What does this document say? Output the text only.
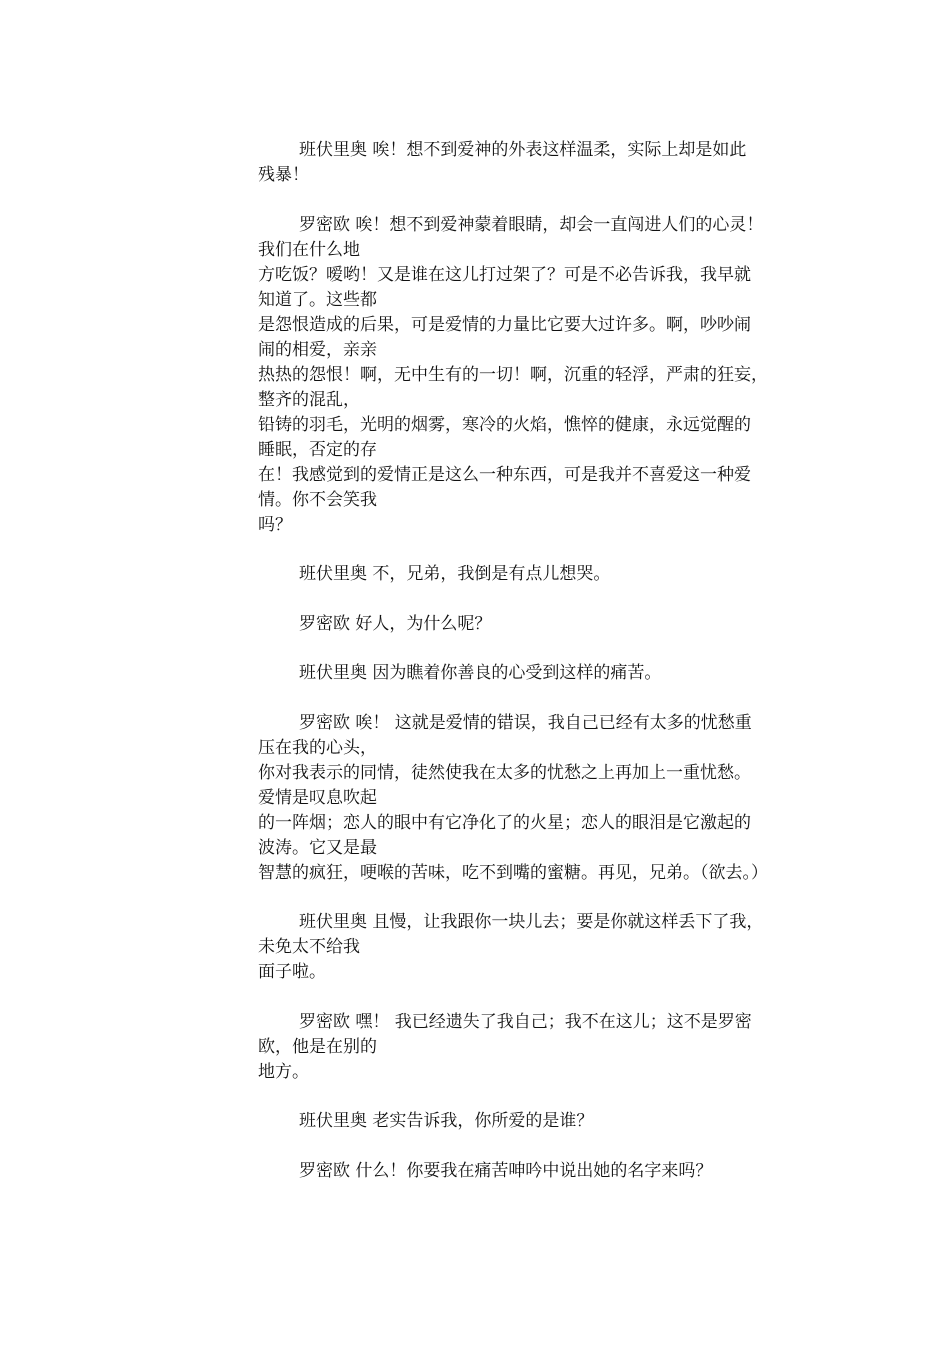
班伏里奥 唉！想不到爱神的外表这样温柔，实际上却是如此
残暴！
罗密欧 唉！想不到爱神蒙着眼睛，却会一直闯进人们的心灵！
我们在什么地
方吃饭？嗳哟！又是谁在这儿打过架了？可是不必告诉我，我早就
知道了。这些都
是怨恨造成的后果，可是爱情的力量比它要大过许多。啊，吵吵闹
闹的相爱，亲亲
热热的怨恨！啊，无中生有的一切！啊，沉重的轻浮，严肃的狂妄，
整齐的混乱，
铅铸的羽毛，光明的烟雾，寒冷的火焰，憔悴的健康，永远觉醒的
睡眠，否定的存
在！我感觉到的爱情正是这么一种东西，可是我并不喜爱这一种爱
情。你不会笑我
吗？
班伏里奥 不，兄弟，我倒是有点儿想哭。
罗密欧 好人，为什么呢？
班伏里奥 因为瞧着你善良的心受到这样的痛苦。
罗密欧 唉！ 这就是爱情的错误，我自己已经有太多的忧愁重
压在我的心头，
你对我表示的同情，徒然使我在太多的忧愁之上再加上一重忧愁。
爱情是叹息吹起
的一阵烟；恋人的眼中有它净化了的火星；恋人的眼泪是它激起的
波涛。它又是最
智慧的疯狂，哽喉的苦味，吃不到嘴的蜜糖。再见，兄弟。（欲去。）
班伏里奥 且慢，让我跟你一块儿去；要是你就这样丢下了我，
未免太不给我
面子啦。
罗密欧 嘿！ 我已经遗失了我自己；我不在这儿；这不是罗密
欧，他是在别的
地方。
班伏里奥 老实告诉我，你所爱的是谁？
罗密欧 什么！你要我在痛苦呻吟中说出她的名字来吗？
